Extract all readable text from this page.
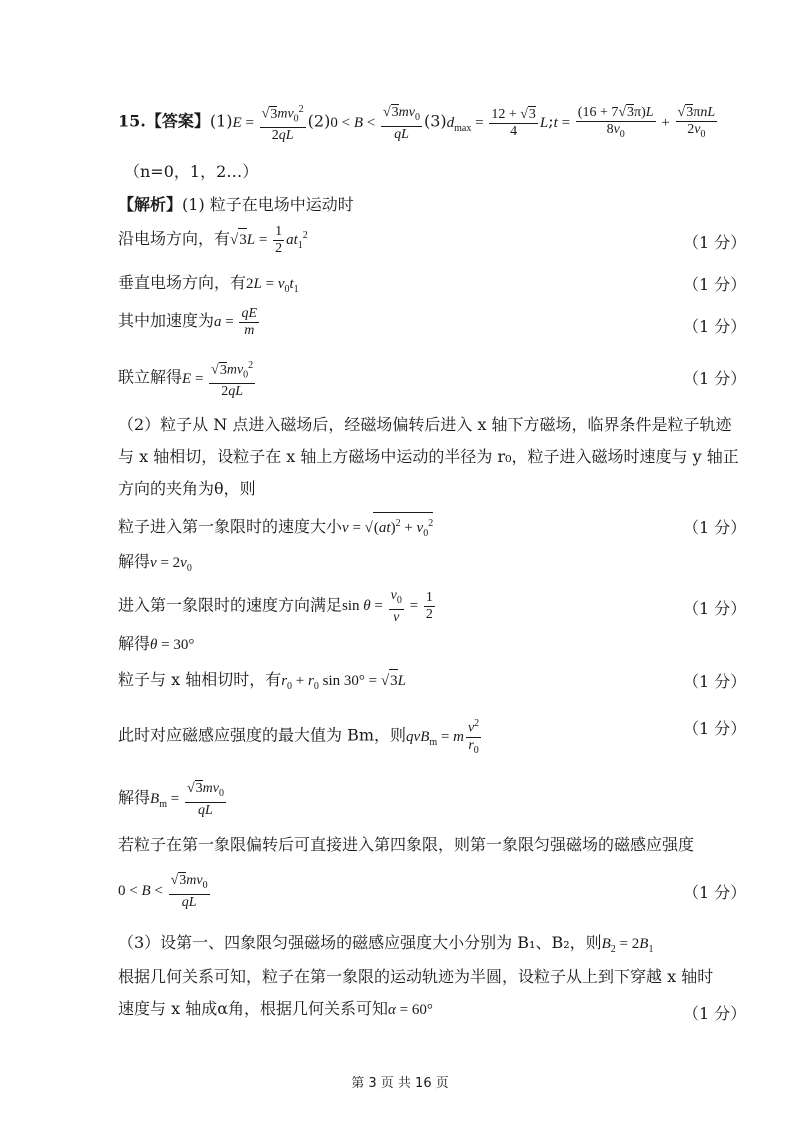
15.【答案】$(1)E = \frac{√3mv_0^2}{2qL} (2)0 < B < \frac{√3mv_0}{qL} (3)d_{max} = \frac{12 + √3}{4}$ L;t = $\frac{(16 + 7√3\pi)L}{8v_0} + \frac{\text{√3πnL}}{2v_0}$
（n=0，1，2…）
【解析】(1) 粒子在电场中运动时
沿电场方向，有$√3L = \frac{1}{2} at_1^2$	（1 分）
垂直电场方向，有$2L = v_0t_1$	（1 分）
其中加速度为$a = \frac{qE}{m}$	（1 分）
联立解得$E = \frac{√3mv_0^2}{2qL}$	（1 分）
（2）粒子从 N 点进入磁场后，经磁场偏转后进入 x 轴下方磁场，临界条件是粒子轨迹
与 x 轴相切，设粒子在 x 轴上方磁场中运动的半径为 r₀，粒子进入磁场时速度与 y 轴正
方向的夹角为θ，则
粒子进入第一象限时的速度大小$v = √(at)^2 + v_0^2$	（1 分）
解得$v = 2v_0$
进入第一象限时的速度方向满足$\sin \theta = \frac{v_0}{v} = \frac{1}{2}$	（1 分）
解得θ = 30°
粒子与 x 轴相切时，有$r_0 + r_0$ sin 30° = √3L	（1 分）
此时对应磁感应强度的最大值为 Bm，则qvB$_m$ = m $\frac{v^2}{r_0}$	（1 分）
解得$B_m = \frac{√3mv_0}{qL}$
若粒子在第一象限偏转后可直接进入第四象限，则第一象限匀强磁场的磁感应强度
$0 < B < \frac{√3mv_0}{qL}$	（1 分）
（3）设第一、四象限匀强磁场的磁感应强度大小分别为 B₁、B₂，则$B_2 = 2B_1$
根据几何关系可知，粒子在第一象限的运动轨迹为半圆，设粒子从上到下穿越 x 轴时
速度与 x 轴成α角，根据几何关系可知α = 60°	（1 分）
第 3 页 共 16 页
